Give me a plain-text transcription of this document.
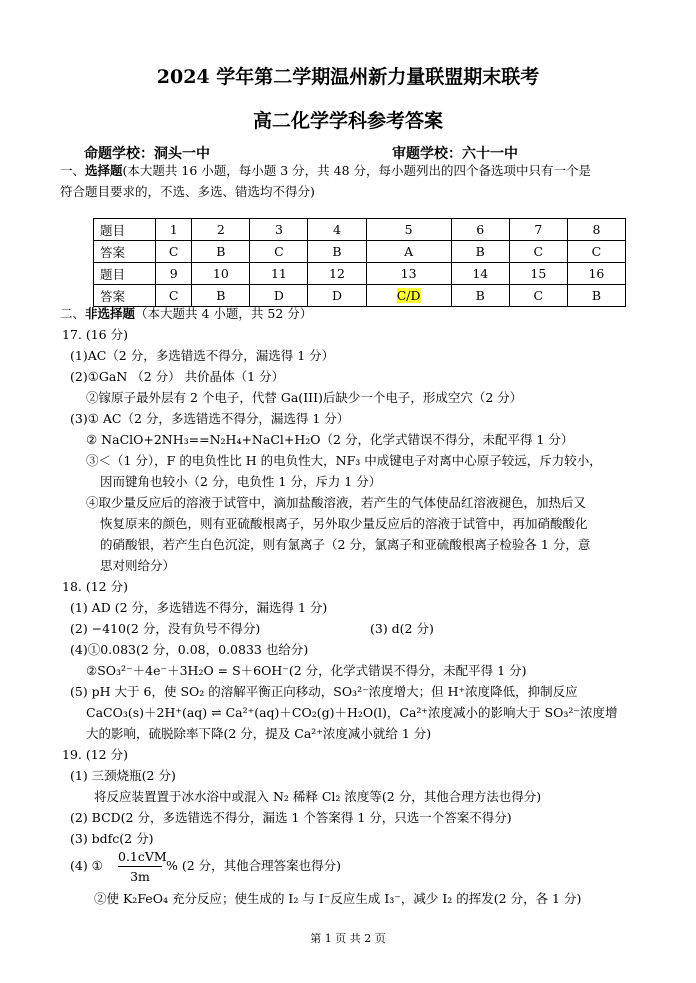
2024 学年第二学期温州新力量联盟期末联考
高二化学学科参考答案
命题学校：洞头一中	审题学校：六十一中
一、选择题(本大题共 16 小题，每小题 3 分，共 48 分，每小题列出的四个备选项中只有一个是
符合题目要求的，不选、多选、错选均不得分)
题目	1	2	3	4	5	6	7	8
答案	C	B	C	B	A	B	C	C
题目	9	10	11	12	13	14	15	16
答案	C	B	D	D	C/D	B	C	B
二、非选择题（本大题共 4 小题，共 52 分）
17. (16 分)
(1)AC（2 分，多选错选不得分，漏选得 1 分）
(2)①GaN （2 分） 共价晶体（1 分）
②镓原子最外层有 2 个电子，代替 Ga(III)后缺少一个电子，形成空穴（2 分）
(3)① AC（2 分，多选错选不得分，漏选得 1 分）
② NaClO+2NH₃==N₂H₄+NaCl+H₂O（2 分，化学式错误不得分，未配平得 1 分）
③＜（1 分），F 的电负性比 H 的电负性大，NF₃ 中成键电子对离中心原子较远，斥力较小，
因而键角也较小（2 分，电负性 1 分，斥力 1 分）
④取少量反应后的溶液于试管中，滴加盐酸溶液，若产生的气体使品红溶液褪色，加热后又
恢复原来的颜色，则有亚硫酸根离子，另外取少量反应后的溶液于试管中，再加硝酸酸化
的硝酸银，若产生白色沉淀，则有氯离子（2 分，氯离子和亚硫酸根离子检验各 1 分，意
思对则给分）
18. (12 分)
(1) AD (2 分，多选错选不得分，漏选得 1 分)
(2) −410(2 分，没有负号不得分)	(3) d(2 分)
(4)①0.083(2 分，0.08，0.0833 也给分)
②SO₃²⁻＋4e⁻＋3H₂O = S＋6OH⁻(2 分，化学式错误不得分，未配平得 1 分)
(5) pH 大于 6，使 SO₂ 的溶解平衡正向移动，SO₃²⁻浓度增大；但 H⁺浓度降低，抑制反应
CaCO₃(s)＋2H⁺(aq) ⇌ Ca²⁺(aq)＋CO₂(g)＋H₂O(l)，Ca²⁺浓度减小的影响大于 SO₃²⁻浓度增
大的影响，硫脱除率下降(2 分，提及 Ca²⁺浓度减小就给 1 分)
19. (12 分)
(1) 三颈烧瓶(2 分)
将反应装置置于冰水浴中或混入 N₂ 稀释 Cl₂ 浓度等(2 分，其他合理方法也得分)
(2) BCD(2 分，多选错选不得分，漏选 1 个答案得 1 分，只选一个答案不得分)
(3) bdfc(2 分)
(4) ①
0.1cVM
3m
% (2 分，其他合理答案也得分)
②使 K₂FeO₄ 充分反应；使生成的 I₂ 与 I⁻反应生成 I₃⁻，减少 I₂ 的挥发(2 分，各 1 分)
第 1 页 共 2 页
